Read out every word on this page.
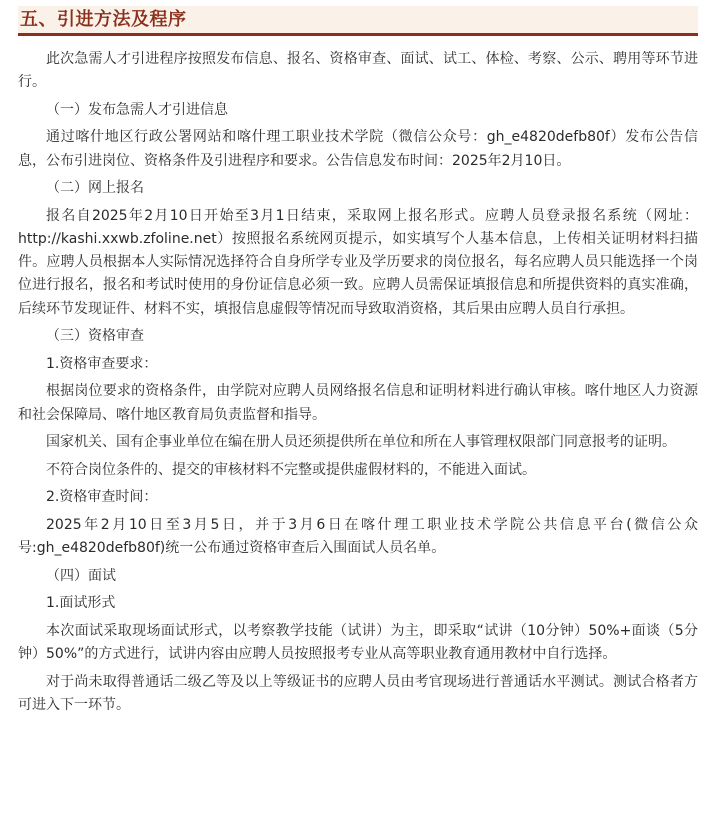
五、引进方法及程序

此次急需人才引进程序按照发布信息、报名、资格审查、面试、试工、体检、考察、公示、聘用等环节进行。

（一）发布急需人才引进信息

通过喀什地区行政公署网站和喀什理工职业技术学院（微信公众号：gh_e4820defb80f）发布公告信息，公布引进岗位、资格条件及引进程序和要求。公告信息发布时间：2025年2月10日。

（二）网上报名

报名自2025年2月10日开始至3月1日结束，采取网上报名形式。应聘人员登录报名系统（网址：http://kashi.xxwb.zfoline.net）按照报名系统网页提示，如实填写个人基本信息，上传相关证明材料扫描件。应聘人员根据本人实际情况选择符合自身所学专业及学历要求的岗位报名，每名应聘人员只能选择一个岗位进行报名，报名和考试时使用的身份证信息必须一致。应聘人员需保证填报信息和所提供资料的真实准确，后续环节发现证件、材料不实，填报信息虚假等情况而导致取消资格，其后果由应聘人员自行承担。

（三）资格审查

1.资格审查要求：

根据岗位要求的资格条件，由学院对应聘人员网络报名信息和证明材料进行确认审核。喀什地区人力资源和社会保障局、喀什地区教育局负责监督和指导。

国家机关、国有企事业单位在编在册人员还须提供所在单位和所在人事管理权限部门同意报考的证明。

不符合岗位条件的、提交的审核材料不完整或提供虚假材料的，不能进入面试。

2.资格审查时间：

2025年2月10日至3月5日，并于3月6日在喀什理工职业技术学院公共信息平台(微信公众号:gh_e4820defb80f)统一公布通过资格审查后入围面试人员名单。

（四）面试

1.面试形式

本次面试采取现场面试形式，以考察教学技能（试讲）为主，即采取“试讲（10分钟）50%+面谈（5分钟）50%”的方式进行，试讲内容由应聘人员按照报考专业从高等职业教育通用教材中自行选择。

对于尚未取得普通话二级乙等及以上等级证书的应聘人员由考官现场进行普通话水平测试。测试合格者方可进入下一环节。
